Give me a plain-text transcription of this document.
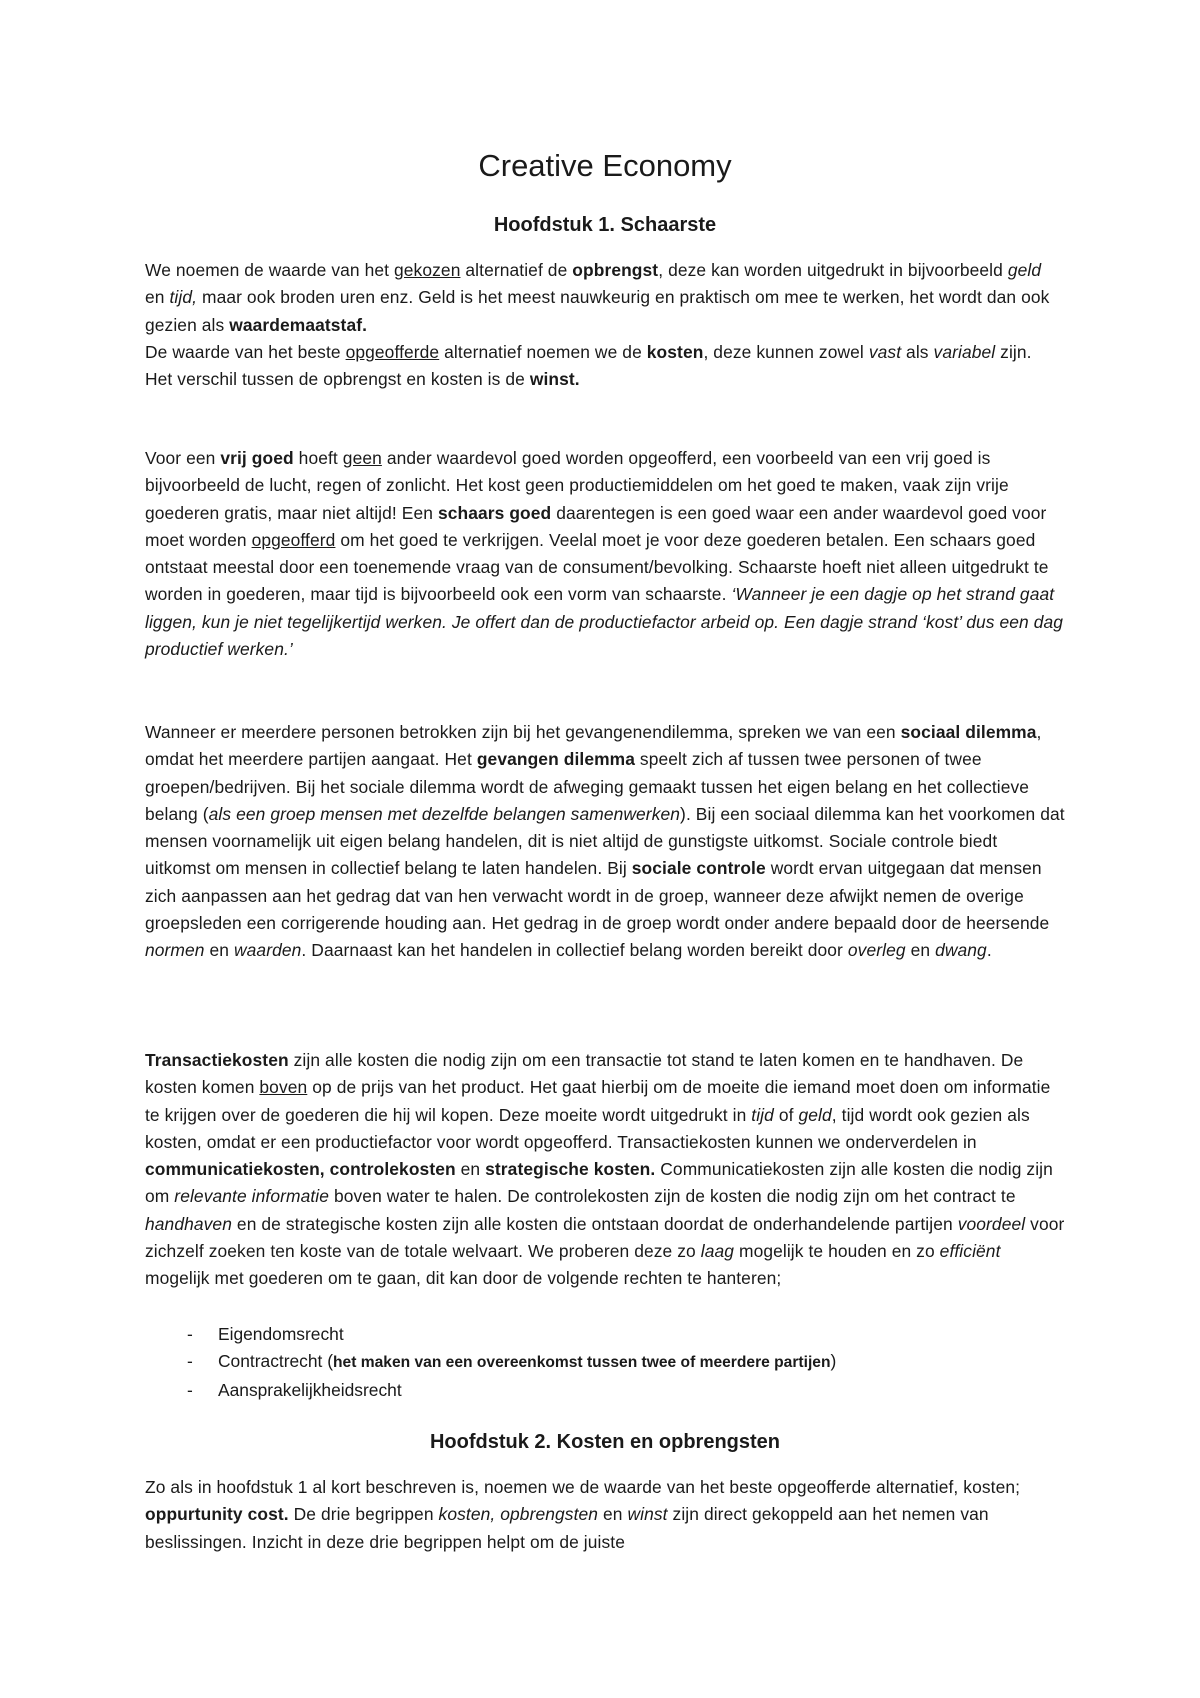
Creative Economy
Hoofdstuk 1. Schaarste

We noemen de waarde van het gekozen alternatief de opbrengst, deze kan worden uitgedrukt in bijvoorbeeld geld en tijd, maar ook broden uren enz. Geld is het meest nauwkeurig en praktisch om mee te werken, het wordt dan ook gezien als waardemaatstaf.
De waarde van het beste opgeofferde alternatief noemen we de kosten, deze kunnen zowel vast als variabel zijn.
Het verschil tussen de opbrengst en kosten is de winst.

Voor een vrij goed hoeft geen ander waardevol goed worden opgeofferd, een voorbeeld van een vrij goed is bijvoorbeeld de lucht, regen of zonlicht. Het kost geen productiemiddelen om het goed te maken, vaak zijn vrije goederen gratis, maar niet altijd! Een schaars goed daarentegen is een goed waar een ander waardevol goed voor moet worden opgeofferd om het goed te verkrijgen. Veelal moet je voor deze goederen betalen. Een schaars goed ontstaat meestal door een toenemende vraag van de consument/bevolking. Schaarste hoeft niet alleen uitgedrukt te worden in goederen, maar tijd is bijvoorbeeld ook een vorm van schaarste. ‘Wanneer je een dagje op het strand gaat liggen, kun je niet tegelijkertijd werken. Je offert dan de productiefactor arbeid op. Een dagje strand ‘kost’ dus een dag productief werken.’

Wanneer er meerdere personen betrokken zijn bij het gevangenendilemma, spreken we van een sociaal dilemma, omdat het meerdere partijen aangaat. Het gevangen dilemma speelt zich af tussen twee personen of twee groepen/bedrijven. Bij het sociale dilemma wordt de afweging gemaakt tussen het eigen belang en het collectieve belang (als een groep mensen met dezelfde belangen samenwerken). Bij een sociaal dilemma kan het voorkomen dat mensen voornamelijk uit eigen belang handelen, dit is niet altijd de gunstigste uitkomst. Sociale controle biedt uitkomst om mensen in collectief belang te laten handelen. Bij sociale controle wordt ervan uitgegaan dat mensen zich aanpassen aan het gedrag dat van hen verwacht wordt in de groep, wanneer deze afwijkt nemen de overige groepsleden een corrigerende houding aan. Het gedrag in de groep wordt onder andere bepaald door de heersende normen en waarden. Daarnaast kan het handelen in collectief belang worden bereikt door overleg en dwang.

Transactiekosten zijn alle kosten die nodig zijn om een transactie tot stand te laten komen en te handhaven. De kosten komen boven op de prijs van het product. Het gaat hierbij om de moeite die iemand moet doen om informatie te krijgen over de goederen die hij wil kopen. Deze moeite wordt uitgedrukt in tijd of geld, tijd wordt ook gezien als kosten, omdat er een productiefactor voor wordt opgeofferd. Transactiekosten kunnen we onderverdelen in communicatiekosten, controlekosten en strategische kosten. Communicatiekosten zijn alle kosten die nodig zijn om relevante informatie boven water te halen. De controlekosten zijn de kosten die nodig zijn om het contract te handhaven en de strategische kosten zijn alle kosten die ontstaan doordat de onderhandelende partijen voordeel voor zichzelf zoeken ten koste van de totale welvaart. We proberen deze zo laag mogelijk te houden en zo efficiënt mogelijk met goederen om te gaan, dit kan door de volgende rechten te hanteren;

- Eigendomsrecht
- Contractrecht (het maken van een overeenkomst tussen twee of meerdere partijen)
- Aansprakelijkheidsrecht
Hoofdstuk 2. Kosten en opbrengsten

Zo als in hoofdstuk 1 al kort beschreven is, noemen we de waarde van het beste opgeofferde alternatief, kosten; oppurtunity cost. De drie begrippen kosten, opbrengsten en winst zijn direct gekoppeld aan het nemen van beslissingen. Inzicht in deze drie begrippen helpt om de juiste
